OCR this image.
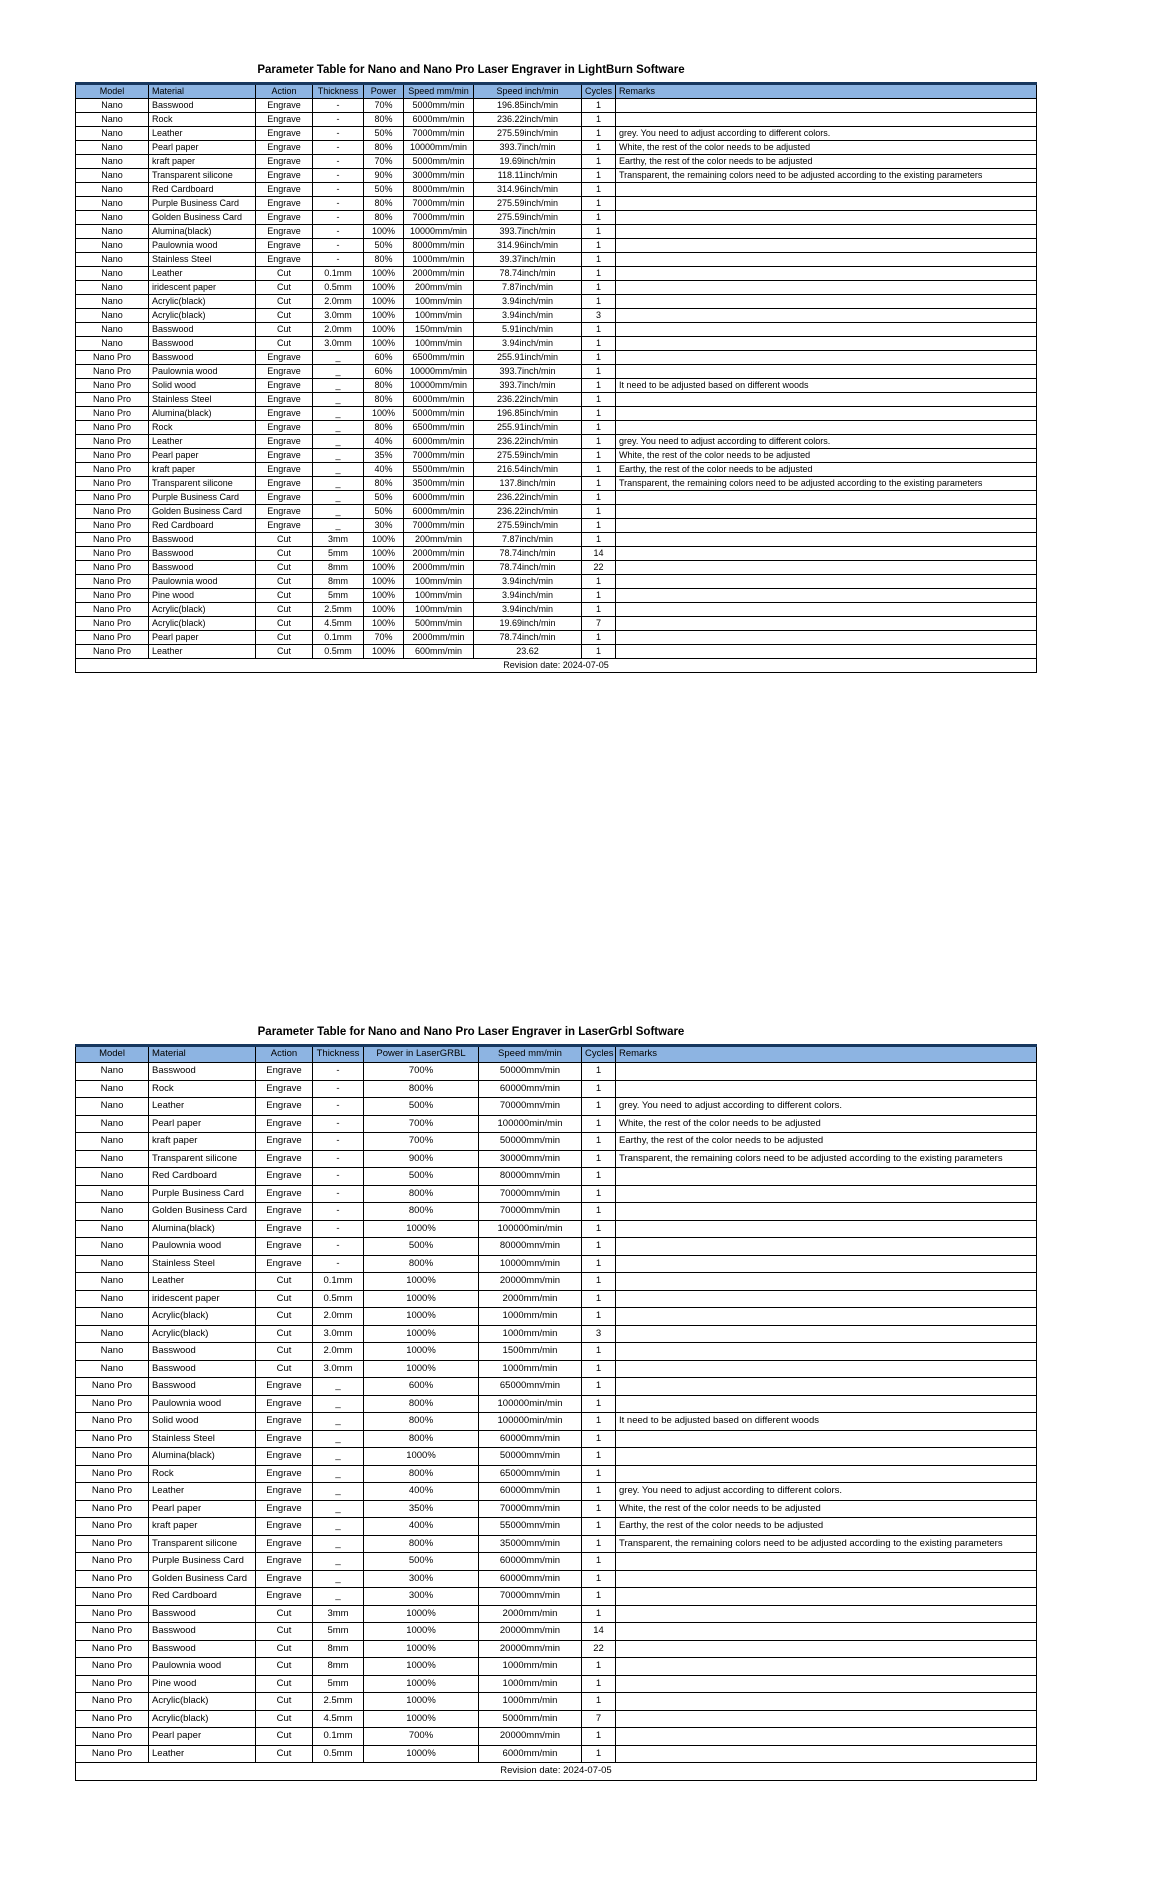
Parameter Table for Nano and Nano Pro Laser Engraver in LightBurn Software
Model	Material	Action	Thickness	Power	Speed mm/min	Speed inch/min	Cycles	Remarks
Nano	Basswood	Engrave	-	70%	5000mm/min	196.85inch/min	1	
Nano	Rock	Engrave	-	80%	6000mm/min	236.22inch/min	1	
Nano	Leather	Engrave	-	50%	7000mm/min	275.59inch/min	1	grey. You need to adjust according to different colors.
Nano	Pearl paper	Engrave	-	80%	10000mm/min	393.7inch/min	1	White, the rest of the color needs to be adjusted
Nano	kraft paper	Engrave	-	70%	5000mm/min	19.69inch/min	1	Earthy, the rest of the color needs to be adjusted
Nano	Transparent silicone	Engrave	-	90%	3000mm/min	118.11inch/min	1	Transparent, the remaining colors need to be adjusted according to the existing parameters
Nano	Red Cardboard	Engrave	-	50%	8000mm/min	314.96inch/min	1	
Nano	Purple Business Card	Engrave	-	80%	7000mm/min	275.59inch/min	1	
Nano	Golden Business Card	Engrave	-	80%	7000mm/min	275.59inch/min	1	
Nano	Alumina(black)	Engrave	-	100%	10000mm/min	393.7inch/min	1	
Nano	Paulownia wood	Engrave	-	50%	8000mm/min	314.96inch/min	1	
Nano	Stainless Steel	Engrave	-	80%	1000mm/min	39.37inch/min	1	
Nano	Leather	Cut	0.1mm	100%	2000mm/min	78.74inch/min	1	
Nano	iridescent paper	Cut	0.5mm	100%	200mm/min	7.87inch/min	1	
Nano	Acrylic(black)	Cut	2.0mm	100%	100mm/min	3.94inch/min	1	
Nano	Acrylic(black)	Cut	3.0mm	100%	100mm/min	3.94inch/min	3	
Nano	Basswood	Cut	2.0mm	100%	150mm/min	5.91inch/min	1	
Nano	Basswood	Cut	3.0mm	100%	100mm/min	3.94inch/min	1	
Nano Pro	Basswood	Engrave	_	60%	6500mm/min	255.91inch/min	1	
Nano Pro	Paulownia wood	Engrave	_	60%	10000mm/min	393.7inch/min	1	
Nano Pro	Solid wood	Engrave	_	80%	10000mm/min	393.7inch/min	1	It need to be adjusted based on different woods
Nano Pro	Stainless Steel	Engrave	_	80%	6000mm/min	236.22inch/min	1	
Nano Pro	Alumina(black)	Engrave	_	100%	5000mm/min	196.85inch/min	1	
Nano Pro	Rock	Engrave	_	80%	6500mm/min	255.91inch/min	1	
Nano Pro	Leather	Engrave	_	40%	6000mm/min	236.22inch/min	1	grey. You need to adjust according to different colors.
Nano Pro	Pearl paper	Engrave	_	35%	7000mm/min	275.59inch/min	1	White, the rest of the color needs to be adjusted
Nano Pro	kraft paper	Engrave	_	40%	5500mm/min	216.54inch/min	1	Earthy, the rest of the color needs to be adjusted
Nano Pro	Transparent silicone	Engrave	_	80%	3500mm/min	137.8inch/min	1	Transparent, the remaining colors need to be adjusted according to the existing parameters
Nano Pro	Purple Business Card	Engrave	_	50%	6000mm/min	236.22inch/min	1	
Nano Pro	Golden Business Card	Engrave	_	50%	6000mm/min	236.22inch/min	1	
Nano Pro	Red Cardboard	Engrave	_	30%	7000mm/min	275.59inch/min	1	
Nano Pro	Basswood	Cut	3mm	100%	200mm/min	7.87inch/min	1	
Nano Pro	Basswood	Cut	5mm	100%	2000mm/min	78.74inch/min	14	
Nano Pro	Basswood	Cut	8mm	100%	2000mm/min	78.74inch/min	22	
Nano Pro	Paulownia wood	Cut	8mm	100%	100mm/min	3.94inch/min	1	
Nano Pro	Pine wood	Cut	5mm	100%	100mm/min	3.94inch/min	1	
Nano Pro	Acrylic(black)	Cut	2.5mm	100%	100mm/min	3.94inch/min	1	
Nano Pro	Acrylic(black)	Cut	4.5mm	100%	500mm/min	19.69inch/min	7	
Nano Pro	Pearl paper	Cut	0.1mm	70%	2000mm/min	78.74inch/min	1	
Nano Pro	Leather	Cut	0.5mm	100%	600mm/min	23.62	1	
Revision date: 2024-07-05								
Parameter Table for Nano and Nano Pro Laser Engraver in LaserGrbl Software
Model	Material	Action	Thickness	Power in LaserGRBL	Speed mm/min	Cycles	Remarks
Nano	Basswood	Engrave	-	700%	50000mm/min	1	
Nano	Rock	Engrave	-	800%	60000mm/min	1	
Nano	Leather	Engrave	-	500%	70000mm/min	1	grey. You need to adjust according to different colors.
Nano	Pearl paper	Engrave	-	700%	100000min/min	1	White, the rest of the color needs to be adjusted
Nano	kraft paper	Engrave	-	700%	50000mm/min	1	Earthy, the rest of the color needs to be adjusted
Nano	Transparent silicone	Engrave	-	900%	30000mm/min	1	Transparent, the remaining colors need to be adjusted according to the existing parameters
Nano	Red Cardboard	Engrave	-	500%	80000mm/min	1	
Nano	Purple Business Card	Engrave	-	800%	70000mm/min	1	
Nano	Golden Business Card	Engrave	-	800%	70000mm/min	1	
Nano	Alumina(black)	Engrave	-	1000%	100000min/min	1	
Nano	Paulownia wood	Engrave	-	500%	80000mm/min	1	
Nano	Stainless Steel	Engrave	-	800%	10000mm/min	1	
Nano	Leather	Cut	0.1mm	1000%	20000mm/min	1	
Nano	iridescent paper	Cut	0.5mm	1000%	2000mm/min	1	
Nano	Acrylic(black)	Cut	2.0mm	1000%	1000mm/min	1	
Nano	Acrylic(black)	Cut	3.0mm	1000%	1000mm/min	3	
Nano	Basswood	Cut	2.0mm	1000%	1500mm/min	1	
Nano	Basswood	Cut	3.0mm	1000%	1000mm/min	1	
Nano Pro	Basswood	Engrave	_	600%	65000mm/min	1	
Nano Pro	Paulownia wood	Engrave	_	800%	100000min/min	1	
Nano Pro	Solid wood	Engrave	_	800%	100000min/min	1	It need to be adjusted based on different woods
Nano Pro	Stainless Steel	Engrave	_	800%	60000mm/min	1	
Nano Pro	Alumina(black)	Engrave	_	1000%	50000mm/min	1	
Nano Pro	Rock	Engrave	_	800%	65000mm/min	1	
Nano Pro	Leather	Engrave	_	400%	60000mm/min	1	grey. You need to adjust according to different colors.
Nano Pro	Pearl paper	Engrave	_	350%	70000mm/min	1	White, the rest of the color needs to be adjusted
Nano Pro	kraft paper	Engrave	_	400%	55000mm/min	1	Earthy, the rest of the color needs to be adjusted
Nano Pro	Transparent silicone	Engrave	_	800%	35000mm/min	1	Transparent, the remaining colors need to be adjusted according to the existing parameters
Nano Pro	Purple Business Card	Engrave	_	500%	60000mm/min	1	
Nano Pro	Golden Business Card	Engrave	_	300%	60000mm/min	1	
Nano Pro	Red Cardboard	Engrave	_	300%	70000mm/min	1	
Nano Pro	Basswood	Cut	3mm	1000%	2000mm/min	1	
Nano Pro	Basswood	Cut	5mm	1000%	20000mm/min	14	
Nano Pro	Basswood	Cut	8mm	1000%	20000mm/min	22	
Nano Pro	Paulownia wood	Cut	8mm	1000%	1000mm/min	1	
Nano Pro	Pine wood	Cut	5mm	1000%	1000mm/min	1	
Nano Pro	Acrylic(black)	Cut	2.5mm	1000%	1000mm/min	1	
Nano Pro	Acrylic(black)	Cut	4.5mm	1000%	5000mm/min	7	
Nano Pro	Pearl paper	Cut	0.1mm	700%	20000mm/min	1	
Nano Pro	Leather	Cut	0.5mm	1000%	6000mm/min	1	
Revision date: 2024-07-05							
